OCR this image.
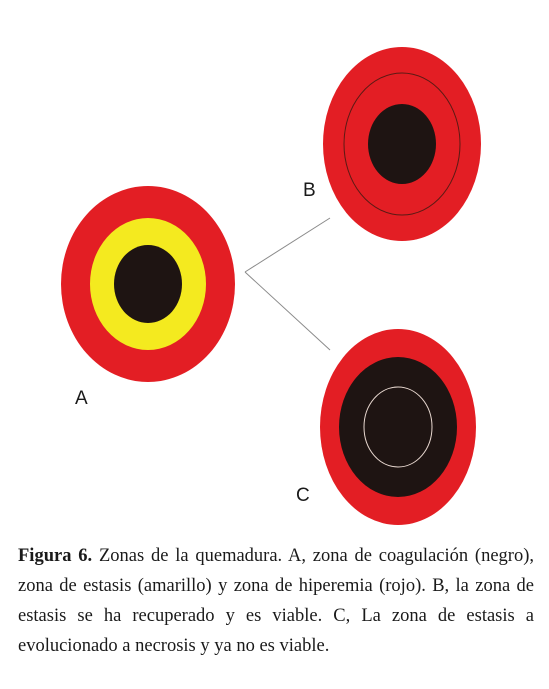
A
B
C
Figura 6. Zonas de la quemadura. A, zona de coagulación (negro), zona de estasis (amarillo) y zona de hiperemia (rojo). B, la zona de estasis se ha recuperado y es viable. C, La zona de estasis a evolucionado a necrosis y ya no es viable.
